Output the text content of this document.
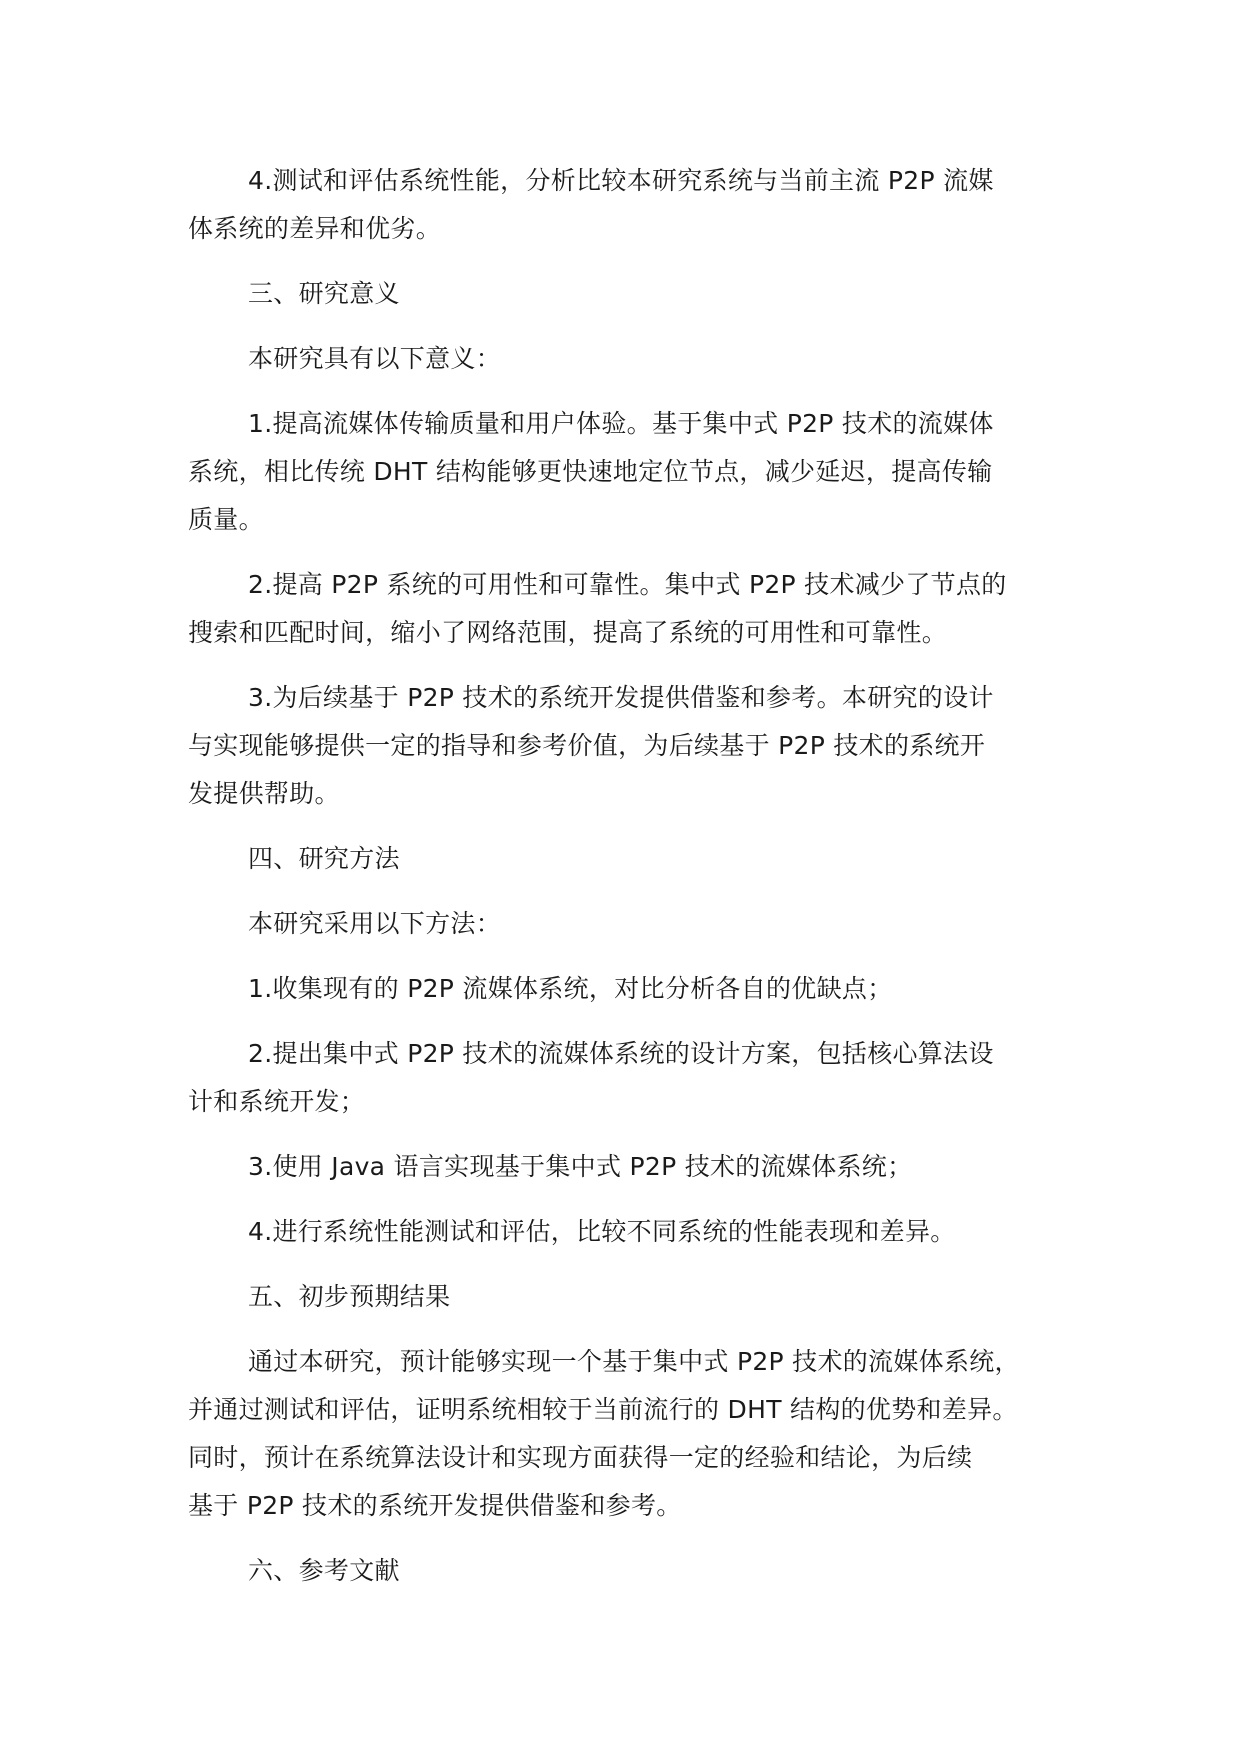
4.测试和评估系统性能，分析比较本研究系统与当前主流 P2P 流媒
体系统的差异和优劣。

三、研究意义

本研究具有以下意义：

1.提高流媒体传输质量和用户体验。基于集中式 P2P 技术的流媒体
系统，相比传统 DHT 结构能够更快速地定位节点，减少延迟，提高传输
质量。

2.提高 P2P 系统的可用性和可靠性。集中式 P2P 技术减少了节点的
搜索和匹配时间，缩小了网络范围，提高了系统的可用性和可靠性。

3.为后续基于 P2P 技术的系统开发提供借鉴和参考。本研究的设计
与实现能够提供一定的指导和参考价值，为后续基于 P2P 技术的系统开
发提供帮助。

四、研究方法

本研究采用以下方法：

1.收集现有的 P2P 流媒体系统，对比分析各自的优缺点；

2.提出集中式 P2P 技术的流媒体系统的设计方案，包括核心算法设
计和系统开发；

3.使用 Java 语言实现基于集中式 P2P 技术的流媒体系统；

4.进行系统性能测试和评估，比较不同系统的性能表现和差异。

五、初步预期结果

通过本研究，预计能够实现一个基于集中式 P2P 技术的流媒体系统，
并通过测试和评估，证明系统相较于当前流行的 DHT 结构的优势和差异。
同时，预计在系统算法设计和实现方面获得一定的经验和结论，为后续
基于 P2P 技术的系统开发提供借鉴和参考。

六、参考文献
